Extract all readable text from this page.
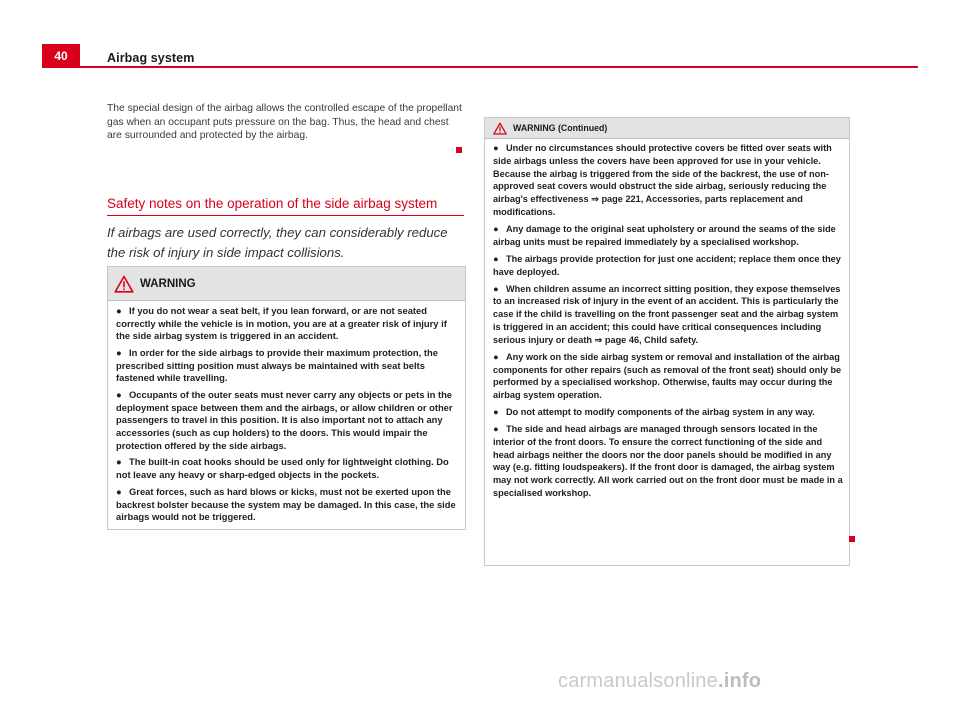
40	Airbag system

The special design of the airbag allows the controlled escape of the propellant gas when an occupant puts pressure on the bag. Thus, the head and chest are surrounded and protected by the airbag.

Safety notes on the operation of the side airbag system

If airbags are used correctly, they can considerably reduce the risk of injury in side impact collisions.

WARNING

● If you do not wear a seat belt, if you lean forward, or are not seated correctly while the vehicle is in motion, you are at a greater risk of injury if the side airbag system is triggered in an accident.

● In order for the side airbags to provide their maximum protection, the prescribed sitting position must always be maintained with seat belts fastened while travelling.

● Occupants of the outer seats must never carry any objects or pets in the deployment space between them and the airbags, or allow children or other passengers to travel in this position. It is also important not to attach any accessories (such as cup holders) to the doors. This would impair the protection offered by the side airbags.

● The built-in coat hooks should be used only for lightweight clothing. Do not leave any heavy or sharp-edged objects in the pockets.

● Great forces, such as hard blows or kicks, must not be exerted upon the backrest bolster because the system may be damaged. In this case, the side airbags would not be triggered.

WARNING (Continued)

● Under no circumstances should protective covers be fitted over seats with side airbags unless the covers have been approved for use in your vehicle. Because the airbag is triggered from the side of the backrest, the use of non-approved seat covers would obstruct the side airbag, seriously reducing the airbag's effectiveness ⇒ page 221, Accessories, parts replacement and modifications.

● Any damage to the original seat upholstery or around the seams of the side airbag units must be repaired immediately by a specialised workshop.

● The airbags provide protection for just one accident; replace them once they have deployed.

● When children assume an incorrect sitting position, they expose themselves to an increased risk of injury in the event of an accident. This is particularly the case if the child is travelling on the front passenger seat and the airbag system is triggered in an accident; this could have critical consequences including serious injury or death ⇒ page 46, Child safety.

● Any work on the side airbag system or removal and installation of the airbag components for other repairs (such as removal of the front seat) should only be performed by a specialised workshop. Otherwise, faults may occur during the airbag system operation.

● Do not attempt to modify components of the airbag system in any way.

● The side and head airbags are managed through sensors located in the interior of the front doors. To ensure the correct functioning of the side and head airbags neither the doors nor the door panels should be modified in any way (e.g. fitting loudspeakers). If the front door is damaged, the airbag system may not work correctly. All work carried out on the front door must be made in a specialised workshop.

carmanualsonline.info
